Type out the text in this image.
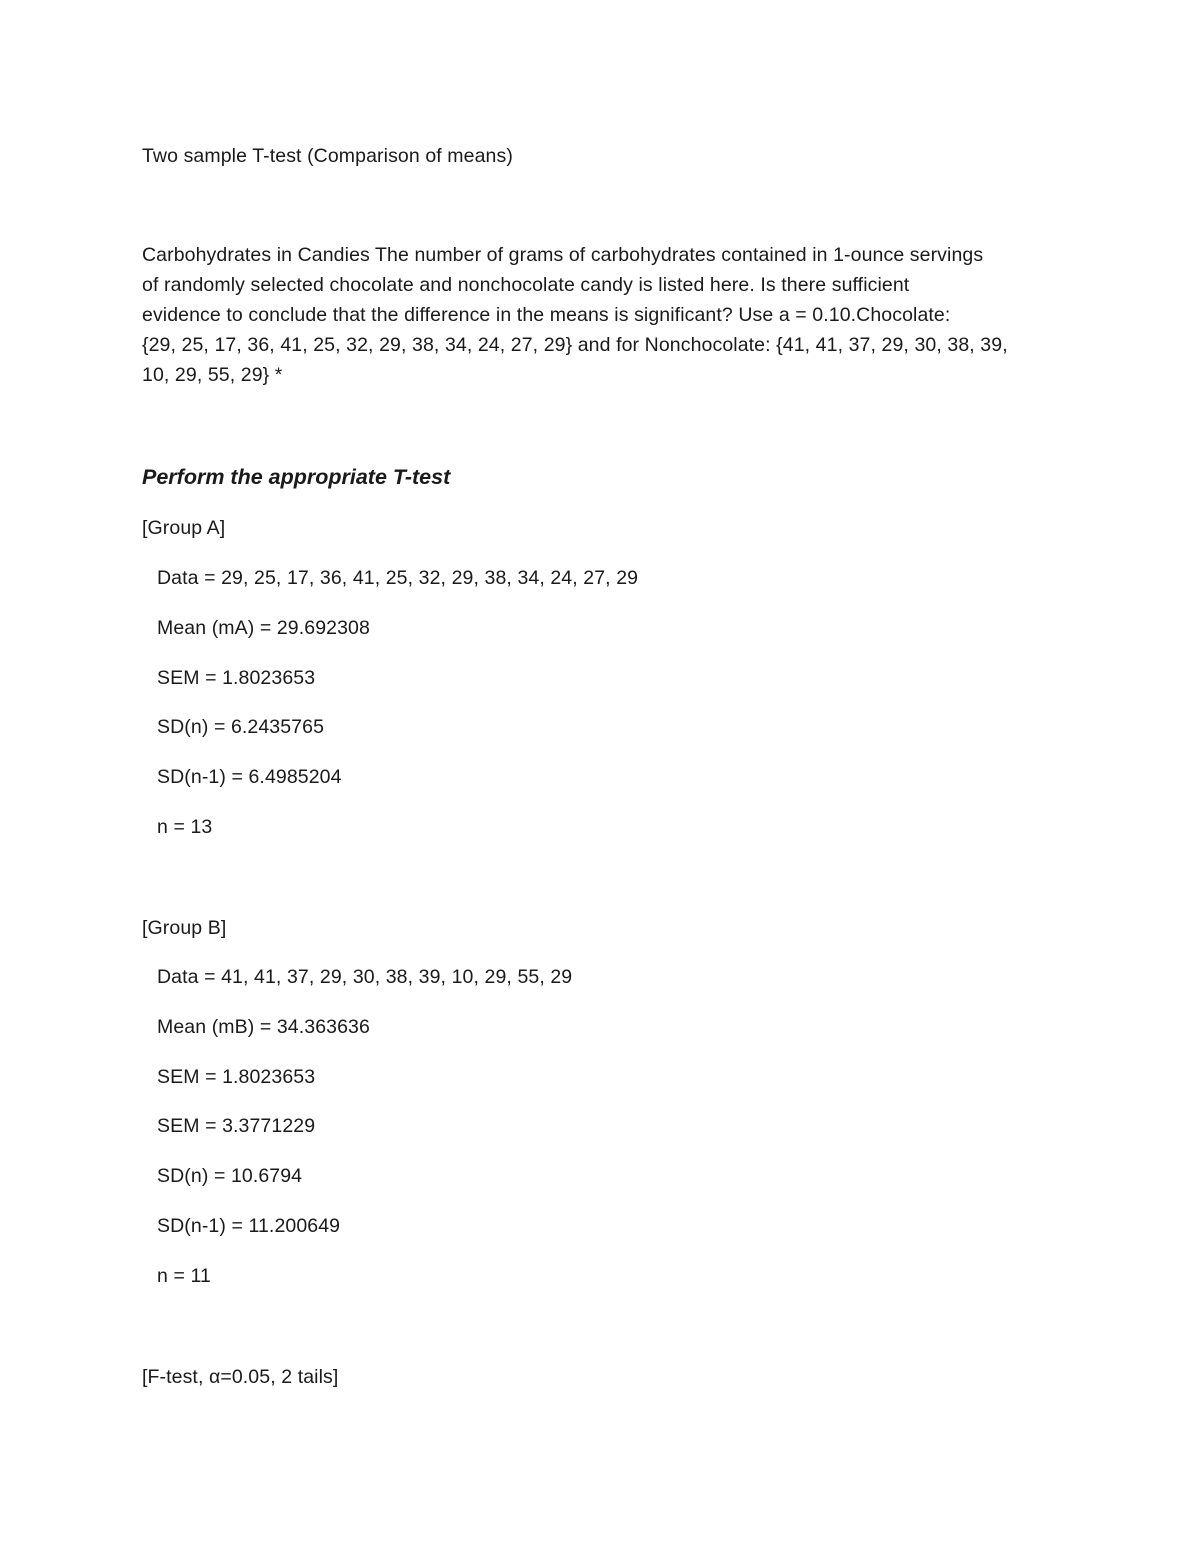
Two sample T-test (Comparison of means)
Carbohydrates in Candies The number of grams of carbohydrates contained in 1-ounce servings
of randomly selected chocolate and nonchocolate candy is listed here. Is there sufficient
evidence to conclude that the difference in the means is significant? Use a = 0.10.Chocolate:
{29, 25, 17, 36, 41, 25, 32, 29, 38, 34, 24, 27, 29} and for Nonchocolate: {41, 41, 37, 29, 30, 38, 39,
10, 29, 55, 29} *
Perform the appropriate T-test
[Group A]
Data = 29, 25, 17, 36, 41, 25, 32, 29, 38, 34, 24, 27, 29
Mean (mA) = 29.692308
SEM = 1.8023653
SD(n) = 6.2435765
SD(n-1) = 6.4985204
n = 13
[Group B]
Data = 41, 41, 37, 29, 30, 38, 39, 10, 29, 55, 29
Mean (mB) = 34.363636
SEM = 1.8023653
SEM = 3.3771229
SD(n) = 10.6794
SD(n-1) = 11.200649
n = 11
[F-test, α=0.05, 2 tails]
